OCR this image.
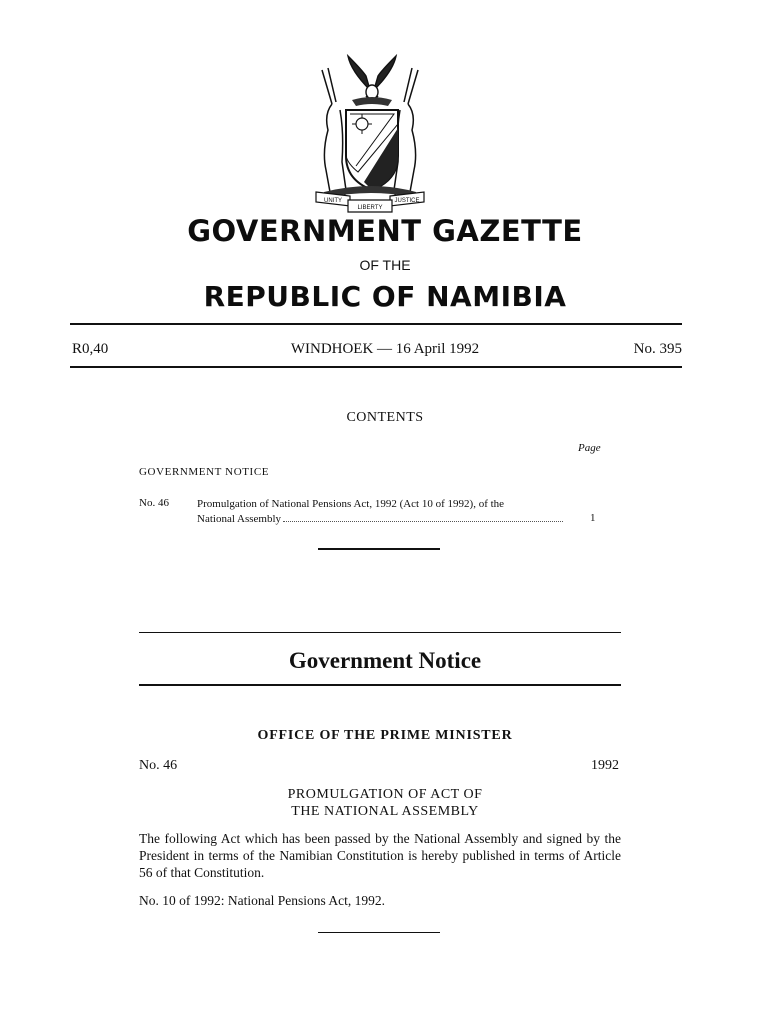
UNITY
LIBERTY
JUSTICE
GOVERNMENT GAZETTE
OF THE
REPUBLIC OF NAMIBIA
R0,40	WINDHOEK — 16 April 1992	No. 395
CONTENTS
Page
GOVERNMENT NOTICE
No. 46	Promulgation of National Pensions Act, 1992 (Act 10 of 1992), of the
National Assembly	1
Government Notice
OFFICE OF THE PRIME MINISTER
No. 46	1992
PROMULGATION OF ACT OF
THE NATIONAL ASSEMBLY
The following Act which has been passed by the National Assembly and signed by the President in terms of the Namibian Constitution is hereby published in terms of Article 56 of that Constitution.
No. 10 of 1992: National Pensions Act, 1992.
